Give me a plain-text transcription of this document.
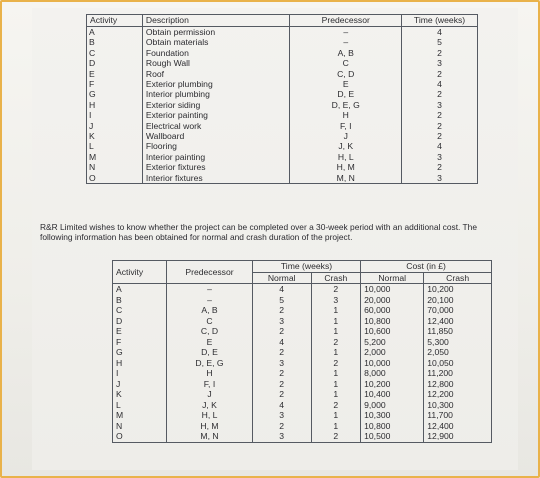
Activity	Description	Predecessor	Time (weeks)
A	Obtain permission	–	4
B	Obtain materials	–	5
C	Foundation	A, B	2
D	Rough Wall	C	3
E	Roof	C, D	2
F	Exterior plumbing	E	4
G	Interior plumbing	D, E	2
H	Exterior siding	D, E, G	3
I	Exterior painting	H	2
J	Electrical work	F, I	2
K	Wallboard	J	2
L	Flooring	J, K	4
M	Interior painting	H, L	3
N	Exterior fixtures	H, M	2
O	Interior fixtures	M, N	3

R&R Limited wishes to know whether the project can be completed over a 30-week period with an additional cost. The following information has been obtained for normal and crash duration of the project.

Activity	Predecessor	Time (weeks)		Cost (in £)	
		Normal	Crash	Normal	Crash
A	–	4	2	10,000	10,200
B	–	5	3	20,000	20,100
C	A, B	2	1	60,000	70,000
D	C	3	1	10,800	12,400
E	C, D	2	1	10,600	11,850
F	E	4	2	5,200	5,300
G	D, E	2	1	2,000	2,050
H	D, E, G	3	2	10,000	10,050
I	H	2	1	8,000	11,200
J	F, I	2	1	10,200	12,800
K	J	2	1	10,400	12,200
L	J, K	4	2	9,000	10,300
M	H, L	3	1	10,300	11,700
N	H, M	2	1	10,800	12,400
O	M, N	3	2	10,500	12,900
